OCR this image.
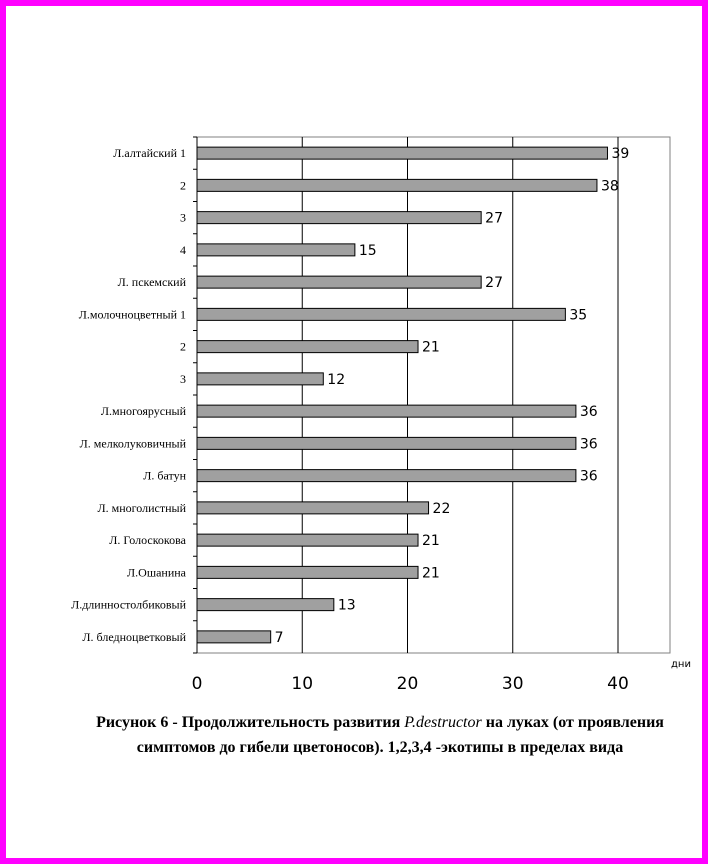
Л.алтайский 1
2
3
4
Л. пскемский
Л.молочноцветный 1
2
3
Л.многоярусный
Л. мелколуковичный
Л. батун
Л. многолистный
Л. Голоскокова
Л.Ошанина
Л.длинностолбиковый
Л. бледноцветковый
39
38
27
15
27
35
21
12
36
36
36
22
21
21
13
7
0	10	20	30	40
дни
Рисунок 6 - Продолжительность развития P.destructor на луках (от проявления симптомов до гибели цветоносов). 1,2,3,4 -экотипы в пределах вида
